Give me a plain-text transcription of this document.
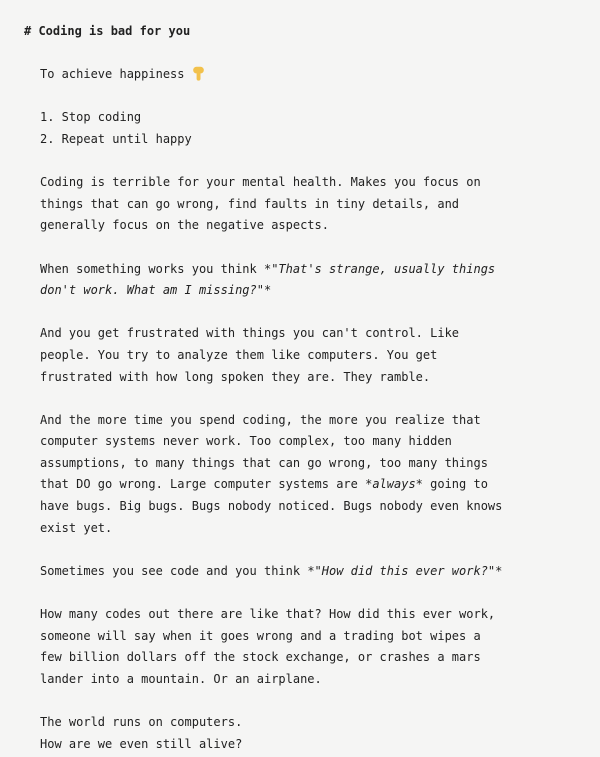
# Coding is bad for you
To achieve happiness
1. Stop coding
2. Repeat until happy
Coding is terrible for your mental health. Makes you focus on
things that can go wrong, find faults in tiny details, and
generally focus on the negative aspects.
When something works you think *"That's strange, usually things
don't work. What am I missing?"*
And you get frustrated with things you can't control. Like
people. You try to analyze them like computers. You get
frustrated with how long spoken they are. They ramble.
And the more time you spend coding, the more you realize that
computer systems never work. Too complex, too many hidden
assumptions, to many things that can go wrong, too many things
that DO go wrong. Large computer systems are *always* going to
have bugs. Big bugs. Bugs nobody noticed. Bugs nobody even knows
exist yet.
Sometimes you see code and you think *"How did this ever work?"*
How many codes out there are like that? How did this ever work,
someone will say when it goes wrong and a trading bot wipes a
few billion dollars off the stock exchange, or crashes a mars
lander into a mountain. Or an airplane.
The world runs on computers.
How are we even still alive?
